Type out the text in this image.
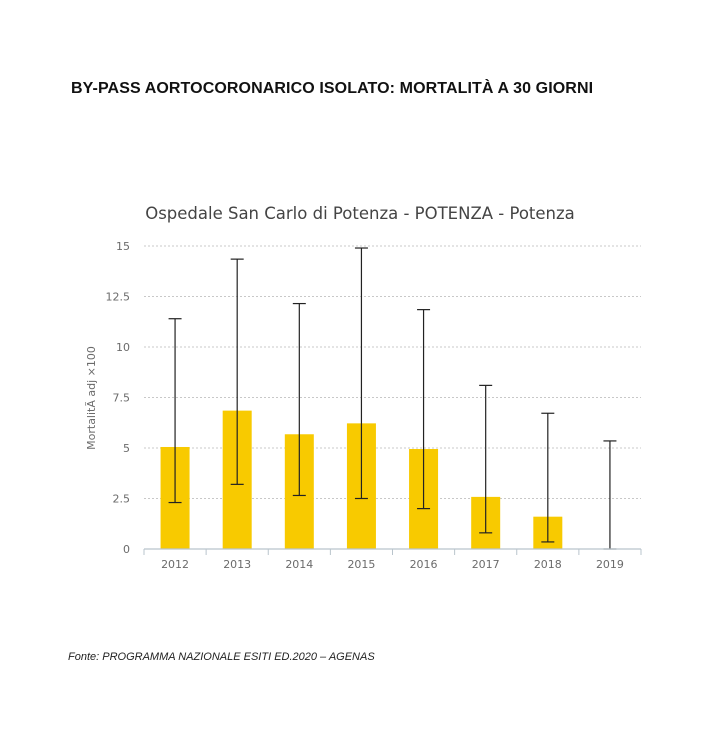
BY-PASS AORTOCORONARICO ISOLATO: MORTALITÀ A 30 GIORNI
Ospedale San Carlo di Potenza - POTENZA - Potenza
MortalitÃ adj ×100
0
2.5
5
7.5
10
12.5
15
2012	2013	2014	2015	2016	2017	2018	2019
Fonte: PROGRAMMA NAZIONALE ESITI ED.2020 – AGENAS
